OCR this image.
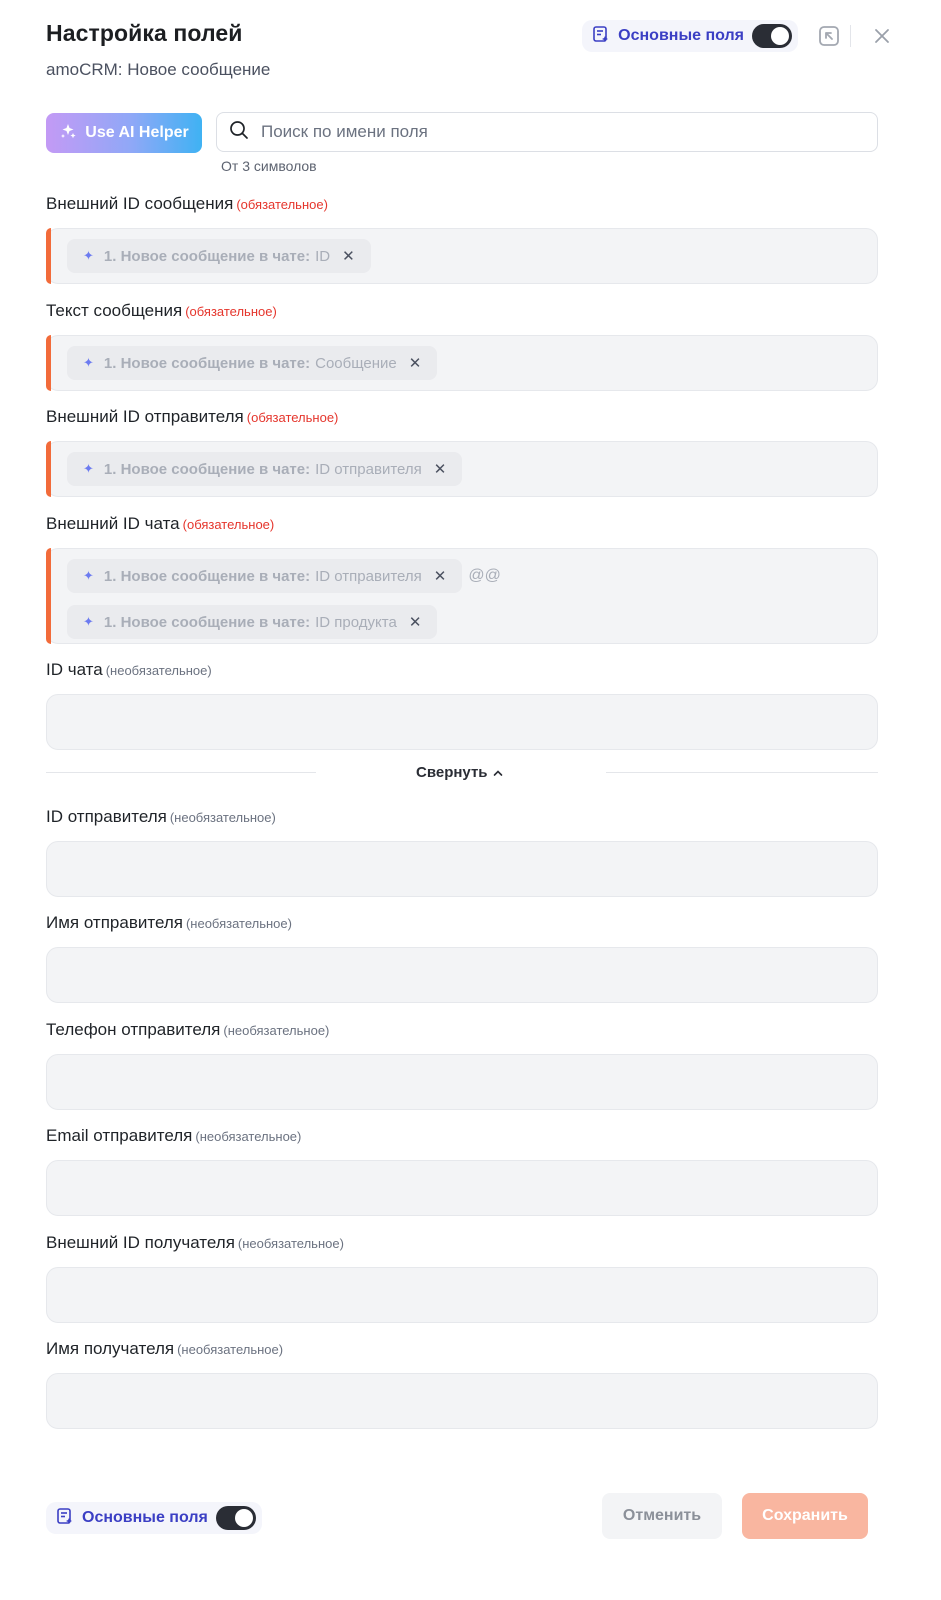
Настройка полей
amoCRM: Новое сообщение
Основные поля
Use AI Helper
Поиск по имени поля
От 3 символов
Внешний ID сообщения (обязательное)
✦ 1. Новое сообщение в чате: ID ✕
Текст сообщения (обязательное)
✦ 1. Новое сообщение в чате: Сообщение ✕
Внешний ID отправителя (обязательное)
✦ 1. Новое сообщение в чате: ID отправителя ✕
Внешний ID чата (обязательное)
✦ 1. Новое сообщение в чате: ID отправителя ✕ @@
✦ 1. Новое сообщение в чате: ID продукта ✕
ID чата (необязательное)
Свернуть
ID отправителя (необязательное)
Имя отправителя (необязательное)
Телефон отправителя (необязательное)
Email отправителя (необязательное)
Внешний ID получателя (необязательное)
Имя получателя (необязательное)
Основные поля	Отменить	Сохранить
